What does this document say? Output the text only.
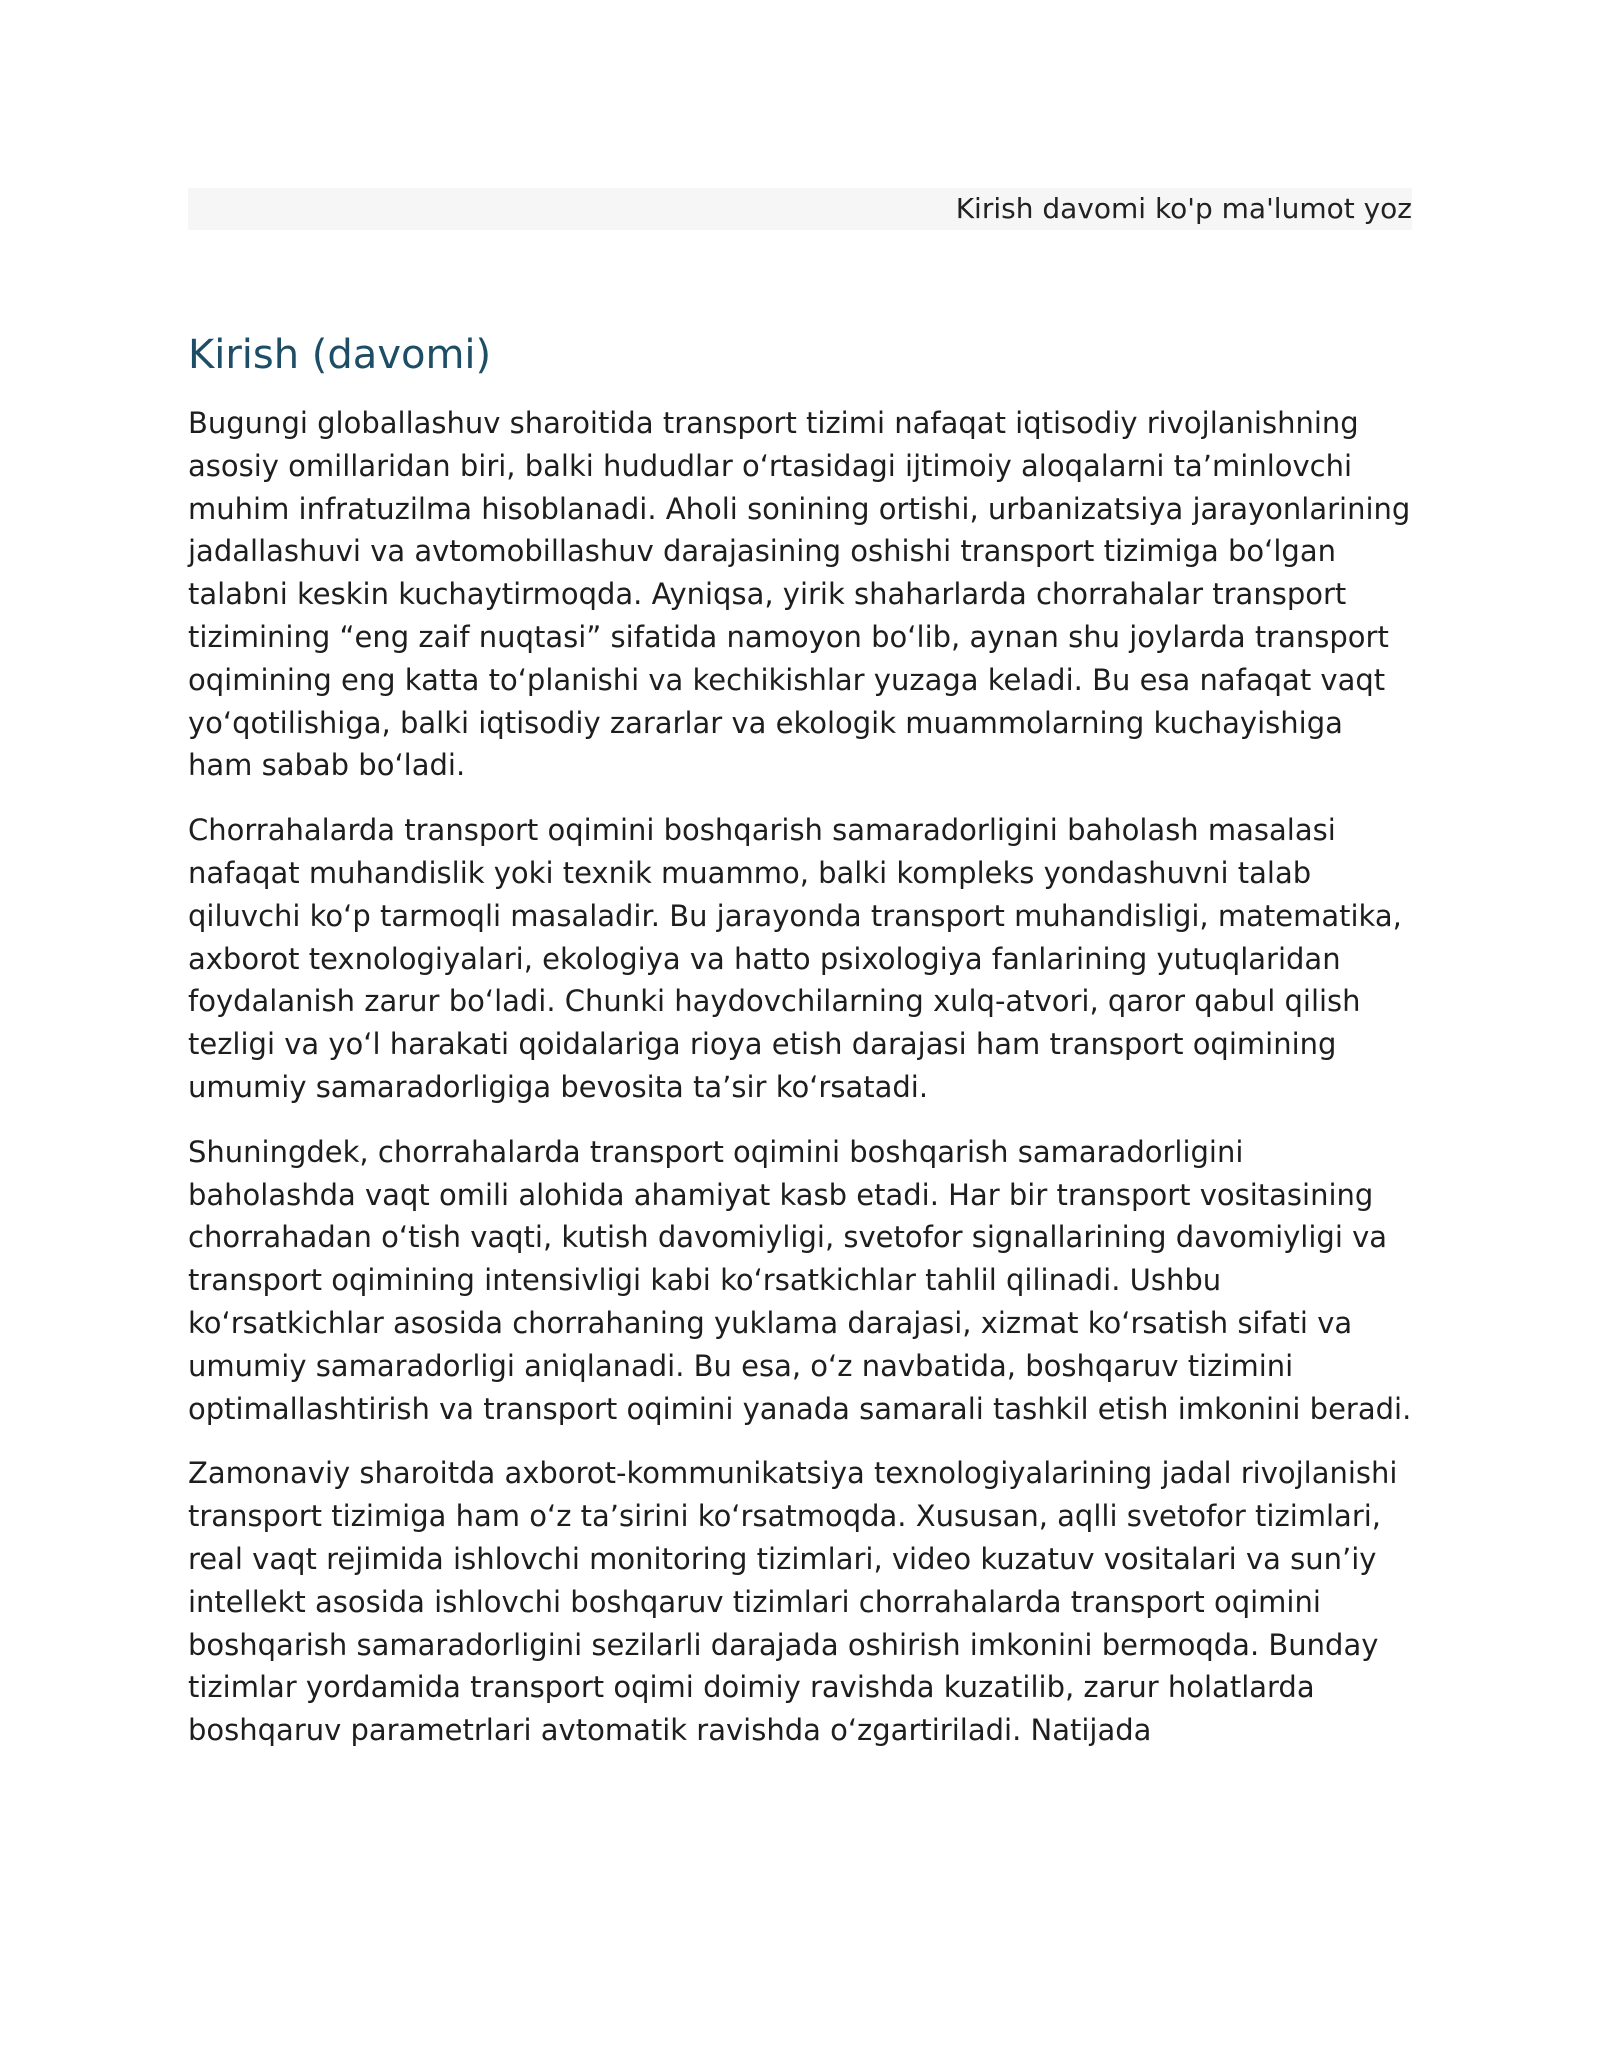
Kirish davomi ko'p ma'lumot yoz
Kirish (davomi)

Bugungi globallashuv sharoitida transport tizimi nafaqat iqtisodiy rivojlanishning asosiy omillaridan biri, balki hududlar o‘rtasidagi ijtimoiy aloqalarni ta’minlovchi muhim infratuzilma hisoblanadi. Aholi sonining ortishi, urbanizatsiya jarayonlarining jadallashuvi va avtomobillashuv darajasining oshishi transport tizimiga bo‘lgan talabni keskin kuchaytirmoqda. Ayniqsa, yirik shaharlarda chorrahalar transport tizimining “eng zaif nuqtasi” sifatida namoyon bo‘lib, aynan shu joylarda transport oqimining eng katta to‘planishi va kechikishlar yuzaga keladi. Bu esa nafaqat vaqt yo‘qotilishiga, balki iqtisodiy zararlar va ekologik muammolarning kuchayishiga ham sabab bo‘ladi.

Chorrahalarda transport oqimini boshqarish samaradorligini baholash masalasi nafaqat muhandislik yoki texnik muammo, balki kompleks yondashuvni talab qiluvchi ko‘p tarmoqli masaladir. Bu jarayonda transport muhandisligi, matematika, axborot texnologiyalari, ekologiya va hatto psixologiya fanlarining yutuqlaridan foydalanish zarur bo‘ladi. Chunki haydovchilarning xulq-atvori, qaror qabul qilish tezligi va yo‘l harakati qoidalariga rioya etish darajasi ham transport oqimining umumiy samaradorligiga bevosita ta’sir ko‘rsatadi.

Shuningdek, chorrahalarda transport oqimini boshqarish samaradorligini baholashda vaqt omili alohida ahamiyat kasb etadi. Har bir transport vositasining chorrahadan o‘tish vaqti, kutish davomiyligi, svetofor signallarining davomiyligi va transport oqimining intensivligi kabi ko‘rsatkichlar tahlil qilinadi. Ushbu ko‘rsatkichlar asosida chorrahaning yuklama darajasi, xizmat ko‘rsatish sifati va umumiy samaradorligi aniqlanadi. Bu esa, o‘z navbatida, boshqaruv tizimini optimallashtirish va transport oqimini yanada samarali tashkil etish imkonini beradi.

Zamonaviy sharoitda axborot-kommunikatsiya texnologiyalarining jadal rivojlanishi transport tizimiga ham o‘z ta’sirini ko‘rsatmoqda. Xususan, aqlli svetofor tizimlari, real vaqt rejimida ishlovchi monitoring tizimlari, video kuzatuv vositalari va sun’iy intellekt asosida ishlovchi boshqaruv tizimlari chorrahalarda transport oqimini boshqarish samaradorligini sezilarli darajada oshirish imkonini bermoqda. Bunday tizimlar yordamida transport oqimi doimiy ravishda kuzatilib, zarur holatlarda boshqaruv parametrlari avtomatik ravishda o‘zgartiriladi. Natijada
